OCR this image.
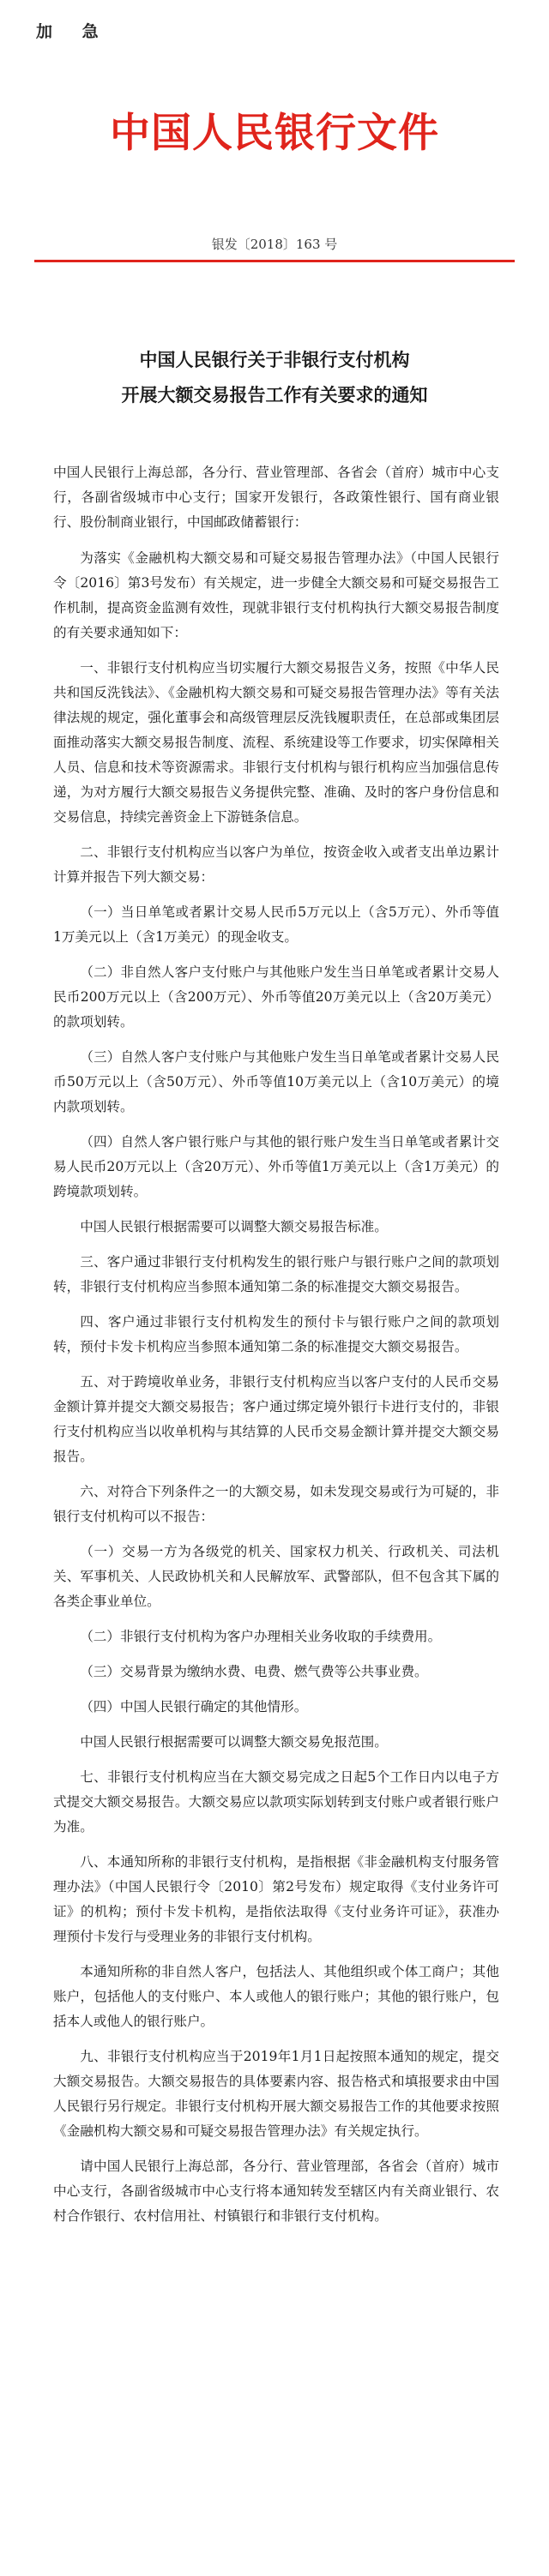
加 急
中国人民银行文件
银发〔2018〕163 号
中国人民银行关于非银行支付机构
开展大额交易报告工作有关要求的通知

中国人民银行上海总部，各分行、营业管理部、各省会（首府）城市中心支行，各副省级城市中心支行；国家开发银行，各政策性银行、国有商业银行、股份制商业银行，中国邮政储蓄银行：

为落实《金融机构大额交易和可疑交易报告管理办法》（中国人民银行令〔2016〕第3号发布）有关规定，进一步健全大额交易和可疑交易报告工作机制，提高资金监测有效性，现就非银行支付机构执行大额交易报告制度的有关要求通知如下：

一、非银行支付机构应当切实履行大额交易报告义务，按照《中华人民共和国反洗钱法》、《金融机构大额交易和可疑交易报告管理办法》等有关法律法规的规定，强化董事会和高级管理层反洗钱履职责任，在总部或集团层面推动落实大额交易报告制度、流程、系统建设等工作要求，切实保障相关人员、信息和技术等资源需求。非银行支付机构与银行机构应当加强信息传递，为对方履行大额交易报告义务提供完整、准确、及时的客户身份信息和交易信息，持续完善资金上下游链条信息。

二、非银行支付机构应当以客户为单位，按资金收入或者支出单边累计计算并报告下列大额交易：

（一）当日单笔或者累计交易人民币5万元以上（含5万元）、外币等值1万美元以上（含1万美元）的现金收支。

（二）非自然人客户支付账户与其他账户发生当日单笔或者累计交易人民币200万元以上（含200万元）、外币等值20万美元以上（含20万美元）的款项划转。

（三）自然人客户支付账户与其他账户发生当日单笔或者累计交易人民币50万元以上（含50万元）、外币等值10万美元以上（含10万美元）的境内款项划转。

（四）自然人客户银行账户与其他的银行账户发生当日单笔或者累计交易人民币20万元以上（含20万元）、外币等值1万美元以上（含1万美元）的跨境款项划转。

中国人民银行根据需要可以调整大额交易报告标准。

三、客户通过非银行支付机构发生的银行账户与银行账户之间的款项划转，非银行支付机构应当参照本通知第二条的标准提交大额交易报告。

四、客户通过非银行支付机构发生的预付卡与银行账户之间的款项划转，预付卡发卡机构应当参照本通知第二条的标准提交大额交易报告。

五、对于跨境收单业务，非银行支付机构应当以客户支付的人民币交易金额计算并提交大额交易报告；客户通过绑定境外银行卡进行支付的，非银行支付机构应当以收单机构与其结算的人民币交易金额计算并提交大额交易报告。

六、对符合下列条件之一的大额交易，如未发现交易或行为可疑的，非银行支付机构可以不报告：

（一）交易一方为各级党的机关、国家权力机关、行政机关、司法机关、军事机关、人民政协机关和人民解放军、武警部队，但不包含其下属的各类企事业单位。

（二）非银行支付机构为客户办理相关业务收取的手续费用。

（三）交易背景为缴纳水费、电费、燃气费等公共事业费。

（四）中国人民银行确定的其他情形。

中国人民银行根据需要可以调整大额交易免报范围。

七、非银行支付机构应当在大额交易完成之日起5个工作日内以电子方式提交大额交易报告。大额交易应以款项实际划转到支付账户或者银行账户为准。

八、本通知所称的非银行支付机构，是指根据《非金融机构支付服务管理办法》（中国人民银行令〔2010〕第2号发布）规定取得《支付业务许可证》的机构；预付卡发卡机构，是指依法取得《支付业务许可证》，获准办理预付卡发行与受理业务的非银行支付机构。

本通知所称的非自然人客户，包括法人、其他组织或个体工商户；其他账户，包括他人的支付账户、本人或他人的银行账户；其他的银行账户，包括本人或他人的银行账户。

九、非银行支付机构应当于2019年1月1日起按照本通知的规定，提交大额交易报告。大额交易报告的具体要素内容、报告格式和填报要求由中国人民银行另行规定。非银行支付机构开展大额交易报告工作的其他要求按照《金融机构大额交易和可疑交易报告管理办法》有关规定执行。

请中国人民银行上海总部，各分行、营业管理部，各省会（首府）城市中心支行，各副省级城市中心支行将本通知转发至辖区内有关商业银行、农村合作银行、农村信用社、村镇银行和非银行支付机构。
